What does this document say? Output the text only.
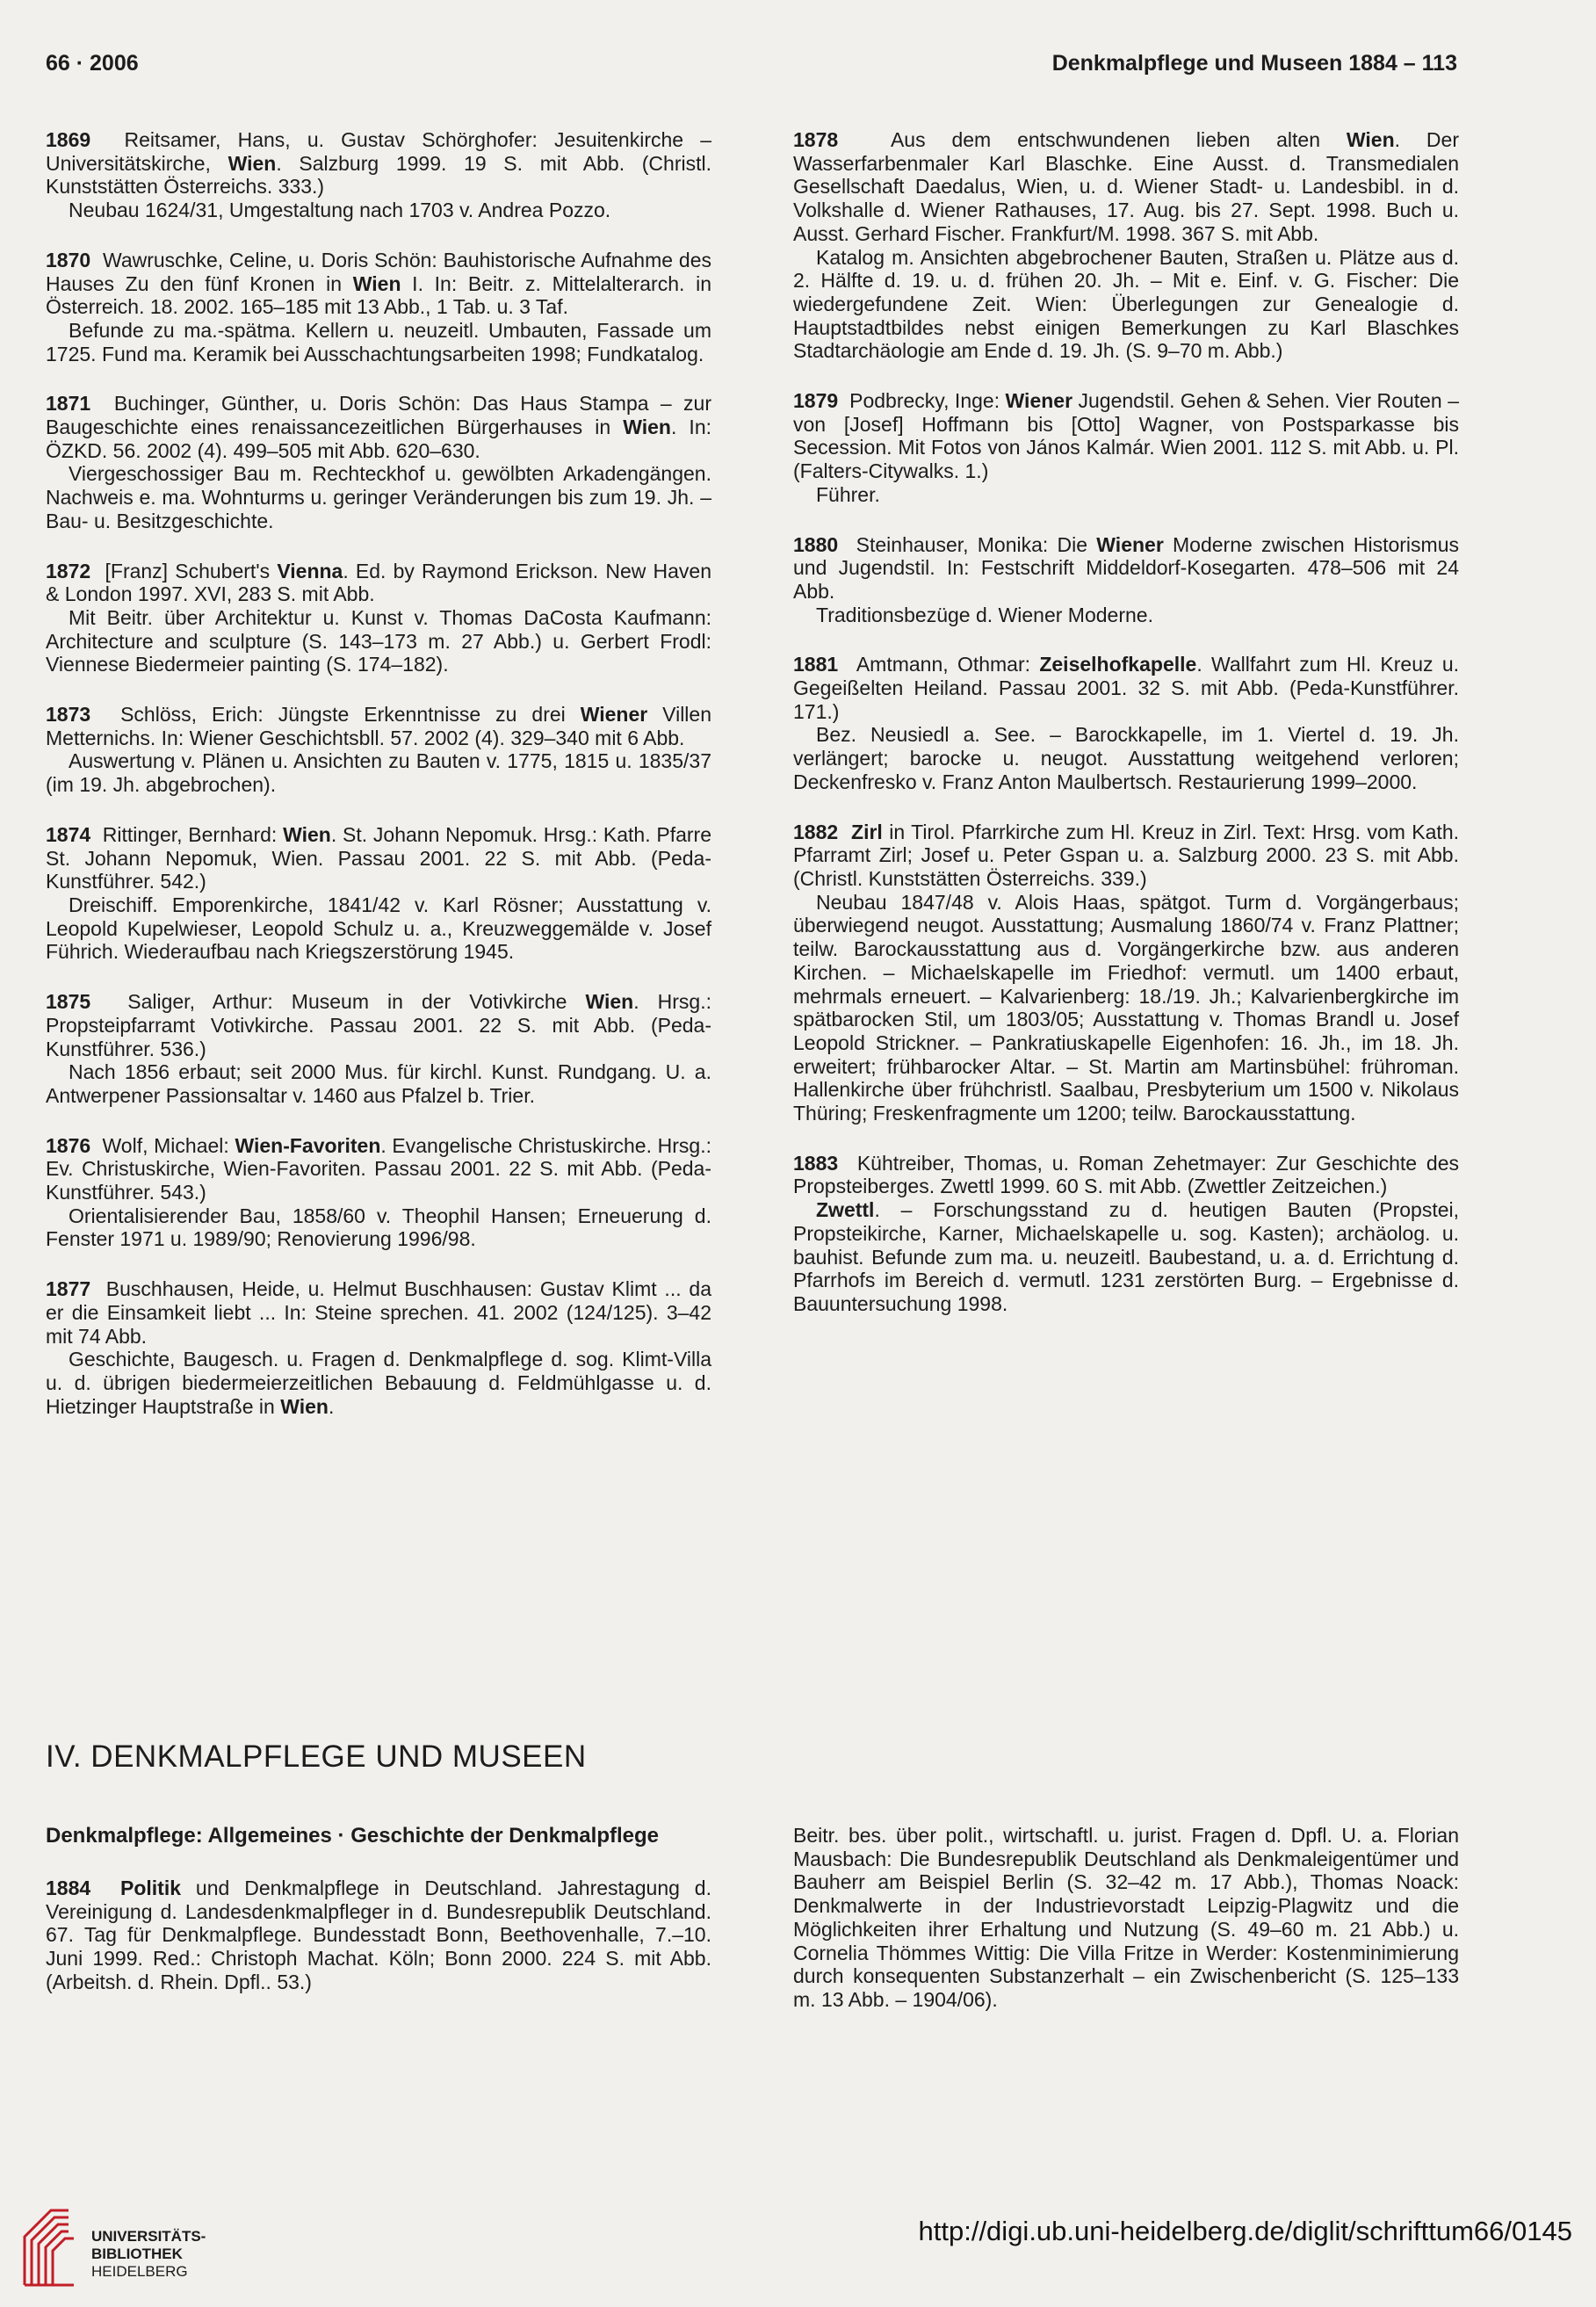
66 · 2006	Denkmalpflege und Museen 1884 – 113

1869 Reitsamer, Hans, u. Gustav Schörghofer: Jesuitenkirche – Universitätskirche, Wien. Salzburg 1999. 19 S. mit Abb. (Christl. Kunststätten Österreichs. 333.)

Neubau 1624/31, Umgestaltung nach 1703 v. Andrea Pozzo.

1870 Wawruschke, Celine, u. Doris Schön: Bauhistorische Aufnahme des Hauses Zu den fünf Kronen in Wien I. In: Beitr. z. Mittelalterarch. in Österreich. 18. 2002. 165–185 mit 13 Abb., 1 Tab. u. 3 Taf.

Befunde zu ma.-spätma. Kellern u. neuzeitl. Umbauten, Fassade um 1725. Fund ma. Keramik bei Ausschachtungsarbeiten 1998; Fundkatalog.

1871 Buchinger, Günther, u. Doris Schön: Das Haus Stampa – zur Baugeschichte eines renaissancezeitlichen Bürgerhauses in Wien. In: ÖZKD. 56. 2002 (4). 499–505 mit Abb. 620–630.

Viergeschossiger Bau m. Rechteckhof u. gewölbten Arkadengängen. Nachweis e. ma. Wohnturms u. geringer Veränderungen bis zum 19. Jh. – Bau- u. Besitzgeschichte.

1872 [Franz] Schubert's Vienna. Ed. by Raymond Erickson. New Haven & London 1997. XVI, 283 S. mit Abb.

Mit Beitr. über Architektur u. Kunst v. Thomas DaCosta Kaufmann: Architecture and sculpture (S. 143–173 m. 27 Abb.) u. Gerbert Frodl: Viennese Biedermeier painting (S. 174–182).

1873 Schlöss, Erich: Jüngste Erkenntnisse zu drei Wiener Villen Metternichs. In: Wiener Geschichtsbll. 57. 2002 (4). 329–340 mit 6 Abb.

Auswertung v. Plänen u. Ansichten zu Bauten v. 1775, 1815 u. 1835/37 (im 19. Jh. abgebrochen).

1874 Rittinger, Bernhard: Wien. St. Johann Nepomuk. Hrsg.: Kath. Pfarre St. Johann Nepomuk, Wien. Passau 2001. 22 S. mit Abb. (Peda-Kunstführer. 542.)

Dreischiff. Emporenkirche, 1841/42 v. Karl Rösner; Ausstattung v. Leopold Kupelwieser, Leopold Schulz u. a., Kreuzweggemälde v. Josef Führich. Wiederaufbau nach Kriegszerstörung 1945.

1875 Saliger, Arthur: Museum in der Votivkirche Wien. Hrsg.: Propsteipfarramt Votivkirche. Passau 2001. 22 S. mit Abb. (Peda-Kunstführer. 536.)

Nach 1856 erbaut; seit 2000 Mus. für kirchl. Kunst. Rundgang. U. a. Antwerpener Passionsaltar v. 1460 aus Pfalzel b. Trier.

1876 Wolf, Michael: Wien-Favoriten. Evangelische Christuskirche. Hrsg.: Ev. Christuskirche, Wien-Favoriten. Passau 2001. 22 S. mit Abb. (Peda-Kunstführer. 543.)

Orientalisierender Bau, 1858/60 v. Theophil Hansen; Erneuerung d. Fenster 1971 u. 1989/90; Renovierung 1996/98.

1877 Buschhausen, Heide, u. Helmut Buschhausen: Gustav Klimt ... da er die Einsamkeit liebt ... In: Steine sprechen. 41. 2002 (124/125). 3–42 mit 74 Abb.

Geschichte, Baugesch. u. Fragen d. Denkmalpflege d. sog. Klimt-Villa u. d. übrigen biedermeierzeitlichen Bebauung d. Feldmühlgasse u. d. Hietzinger Hauptstraße in Wien.

1878	Aus dem entschwundenen lieben alten Wien. Der Wasserfarbenmaler Karl Blaschke. Eine Ausst. d. Transmedialen Gesellschaft Daedalus, Wien, u. d. Wiener Stadt- u. Landesbibl. in d. Volkshalle d. Wiener Rathauses, 17. Aug. bis 27. Sept. 1998. Buch u. Ausst. Gerhard Fischer. Frankfurt/M. 1998. 367 S. mit Abb.

Katalog m. Ansichten abgebrochener Bauten, Straßen u. Plätze aus d. 2. Hälfte d. 19. u. d. frühen 20. Jh. – Mit e. Einf. v. G. Fischer: Die wiedergefundene Zeit. Wien: Überlegungen zur Genealogie d. Hauptstadtbildes nebst einigen Bemerkungen zu Karl Blaschkes Stadtarchäologie am Ende d. 19. Jh. (S. 9–70 m. Abb.)

1879 Podbrecky, Inge: Wiener Jugendstil. Gehen & Sehen. Vier Routen – von [Josef] Hoffmann bis [Otto] Wagner, von Postsparkasse bis Secession. Mit Fotos von János Kalmár. Wien 2001. 112 S. mit Abb. u. Pl. (Falters-Citywalks. 1.)

Führer.

1880 Steinhauser, Monika: Die Wiener Moderne zwischen Historismus und Jugendstil. In: Festschrift Middeldorf-Kosegarten. 478–506 mit 24 Abb.

Traditionsbezüge d. Wiener Moderne.

1881 Amtmann, Othmar: Zeiselhofkapelle. Wallfahrt zum Hl. Kreuz u. Gegeißelten Heiland. Passau 2001. 32 S. mit Abb. (Peda-Kunstführer. 171.)

Bez. Neusiedl a. See. – Barockkapelle, im 1. Viertel d. 19. Jh. verlängert; barocke u. neugot. Ausstattung weitgehend verloren; Deckenfresko v. Franz Anton Maulbertsch. Restaurierung 1999–2000.

1882 Zirl in Tirol. Pfarrkirche zum Hl. Kreuz in Zirl. Text: Hrsg. vom Kath. Pfarramt Zirl; Josef u. Peter Gspan u. a. Salzburg 2000. 23 S. mit Abb. (Christl. Kunststätten Österreichs. 339.)

Neubau 1847/48 v. Alois Haas, spätgot. Turm d. Vorgängerbaus; überwiegend neugot. Ausstattung; Ausmalung 1860/74 v. Franz Plattner; teilw. Barockausstattung aus d. Vorgängerkirche bzw. aus anderen Kirchen. – Michaelskapelle im Friedhof: vermutl. um 1400 erbaut, mehrmals erneuert. – Kalvarienberg: 18./19. Jh.; Kalvarienbergkirche im spätbarocken Stil, um 1803/05; Ausstattung v. Thomas Brandl u. Josef Leopold Strickner. – Pankratiuskapelle Eigenhofen: 16. Jh., im 18. Jh. erweitert; frühbarocker Altar. – St. Martin am Martinsbühel: frühroman. Hallenkirche über frühchristl. Saalbau, Presbyterium um 1500 v. Nikolaus Thüring; Freskenfragmente um 1200; teilw. Barockausstattung.

1883 Kühtreiber, Thomas, u. Roman Zehetmayer: Zur Geschichte des Propsteiberges. Zwettl 1999. 60 S. mit Abb. (Zwettler Zeitzeichen.)

Zwettl. – Forschungsstand zu d. heutigen Bauten (Propstei, Propsteikirche, Karner, Michaelskapelle u. sog. Kasten); archäolog. u. bauhist. Befunde zum ma. u. neuzeitl. Baubestand, u. a. d. Errichtung d. Pfarrhofs im Bereich d. vermutl. 1231 zerstörten Burg. – Ergebnisse d. Bauuntersuchung 1998.

IV. DENKMALPFLEGE UND MUSEEN
Denkmalpflege: Allgemeines · Geschichte der Denkmalpflege

1884 Politik und Denkmalpflege in Deutschland. Jahrestagung d. Vereinigung d. Landesdenkmalpfleger in d. Bundesrepublik Deutschland. 67. Tag für Denkmalpflege. Bundesstadt Bonn, Beethovenhalle, 7.–10. Juni 1999. Red.: Christoph Machat. Köln; Bonn 2000. 224 S. mit Abb. (Arbeitsh. d. Rhein. Dpfl.. 53.)

Beitr. bes. über polit., wirtschaftl. u. jurist. Fragen d. Dpfl. U. a. Florian Mausbach: Die Bundesrepublik Deutschland als Denkmaleigentümer und Bauherr am Beispiel Berlin (S. 32–42 m. 17 Abb.), Thomas Noack: Denkmalwerte in der Industrievorstadt Leipzig-Plagwitz und die Möglichkeiten ihrer Erhaltung und Nutzung (S. 49–60 m. 21 Abb.) u. Cornelia Thömmes Wittig: Die Villa Fritze in Werder: Kostenminimierung durch konsequenten Substanzerhalt – ein Zwischenbericht (S. 125–133 m. 13 Abb. – 1904/06).

UNIVERSITÄTS-
BIBLIOTHEK
HEIDELBERG
http://digi.ub.uni-heidelberg.de/diglit/schrifttum66/0145
